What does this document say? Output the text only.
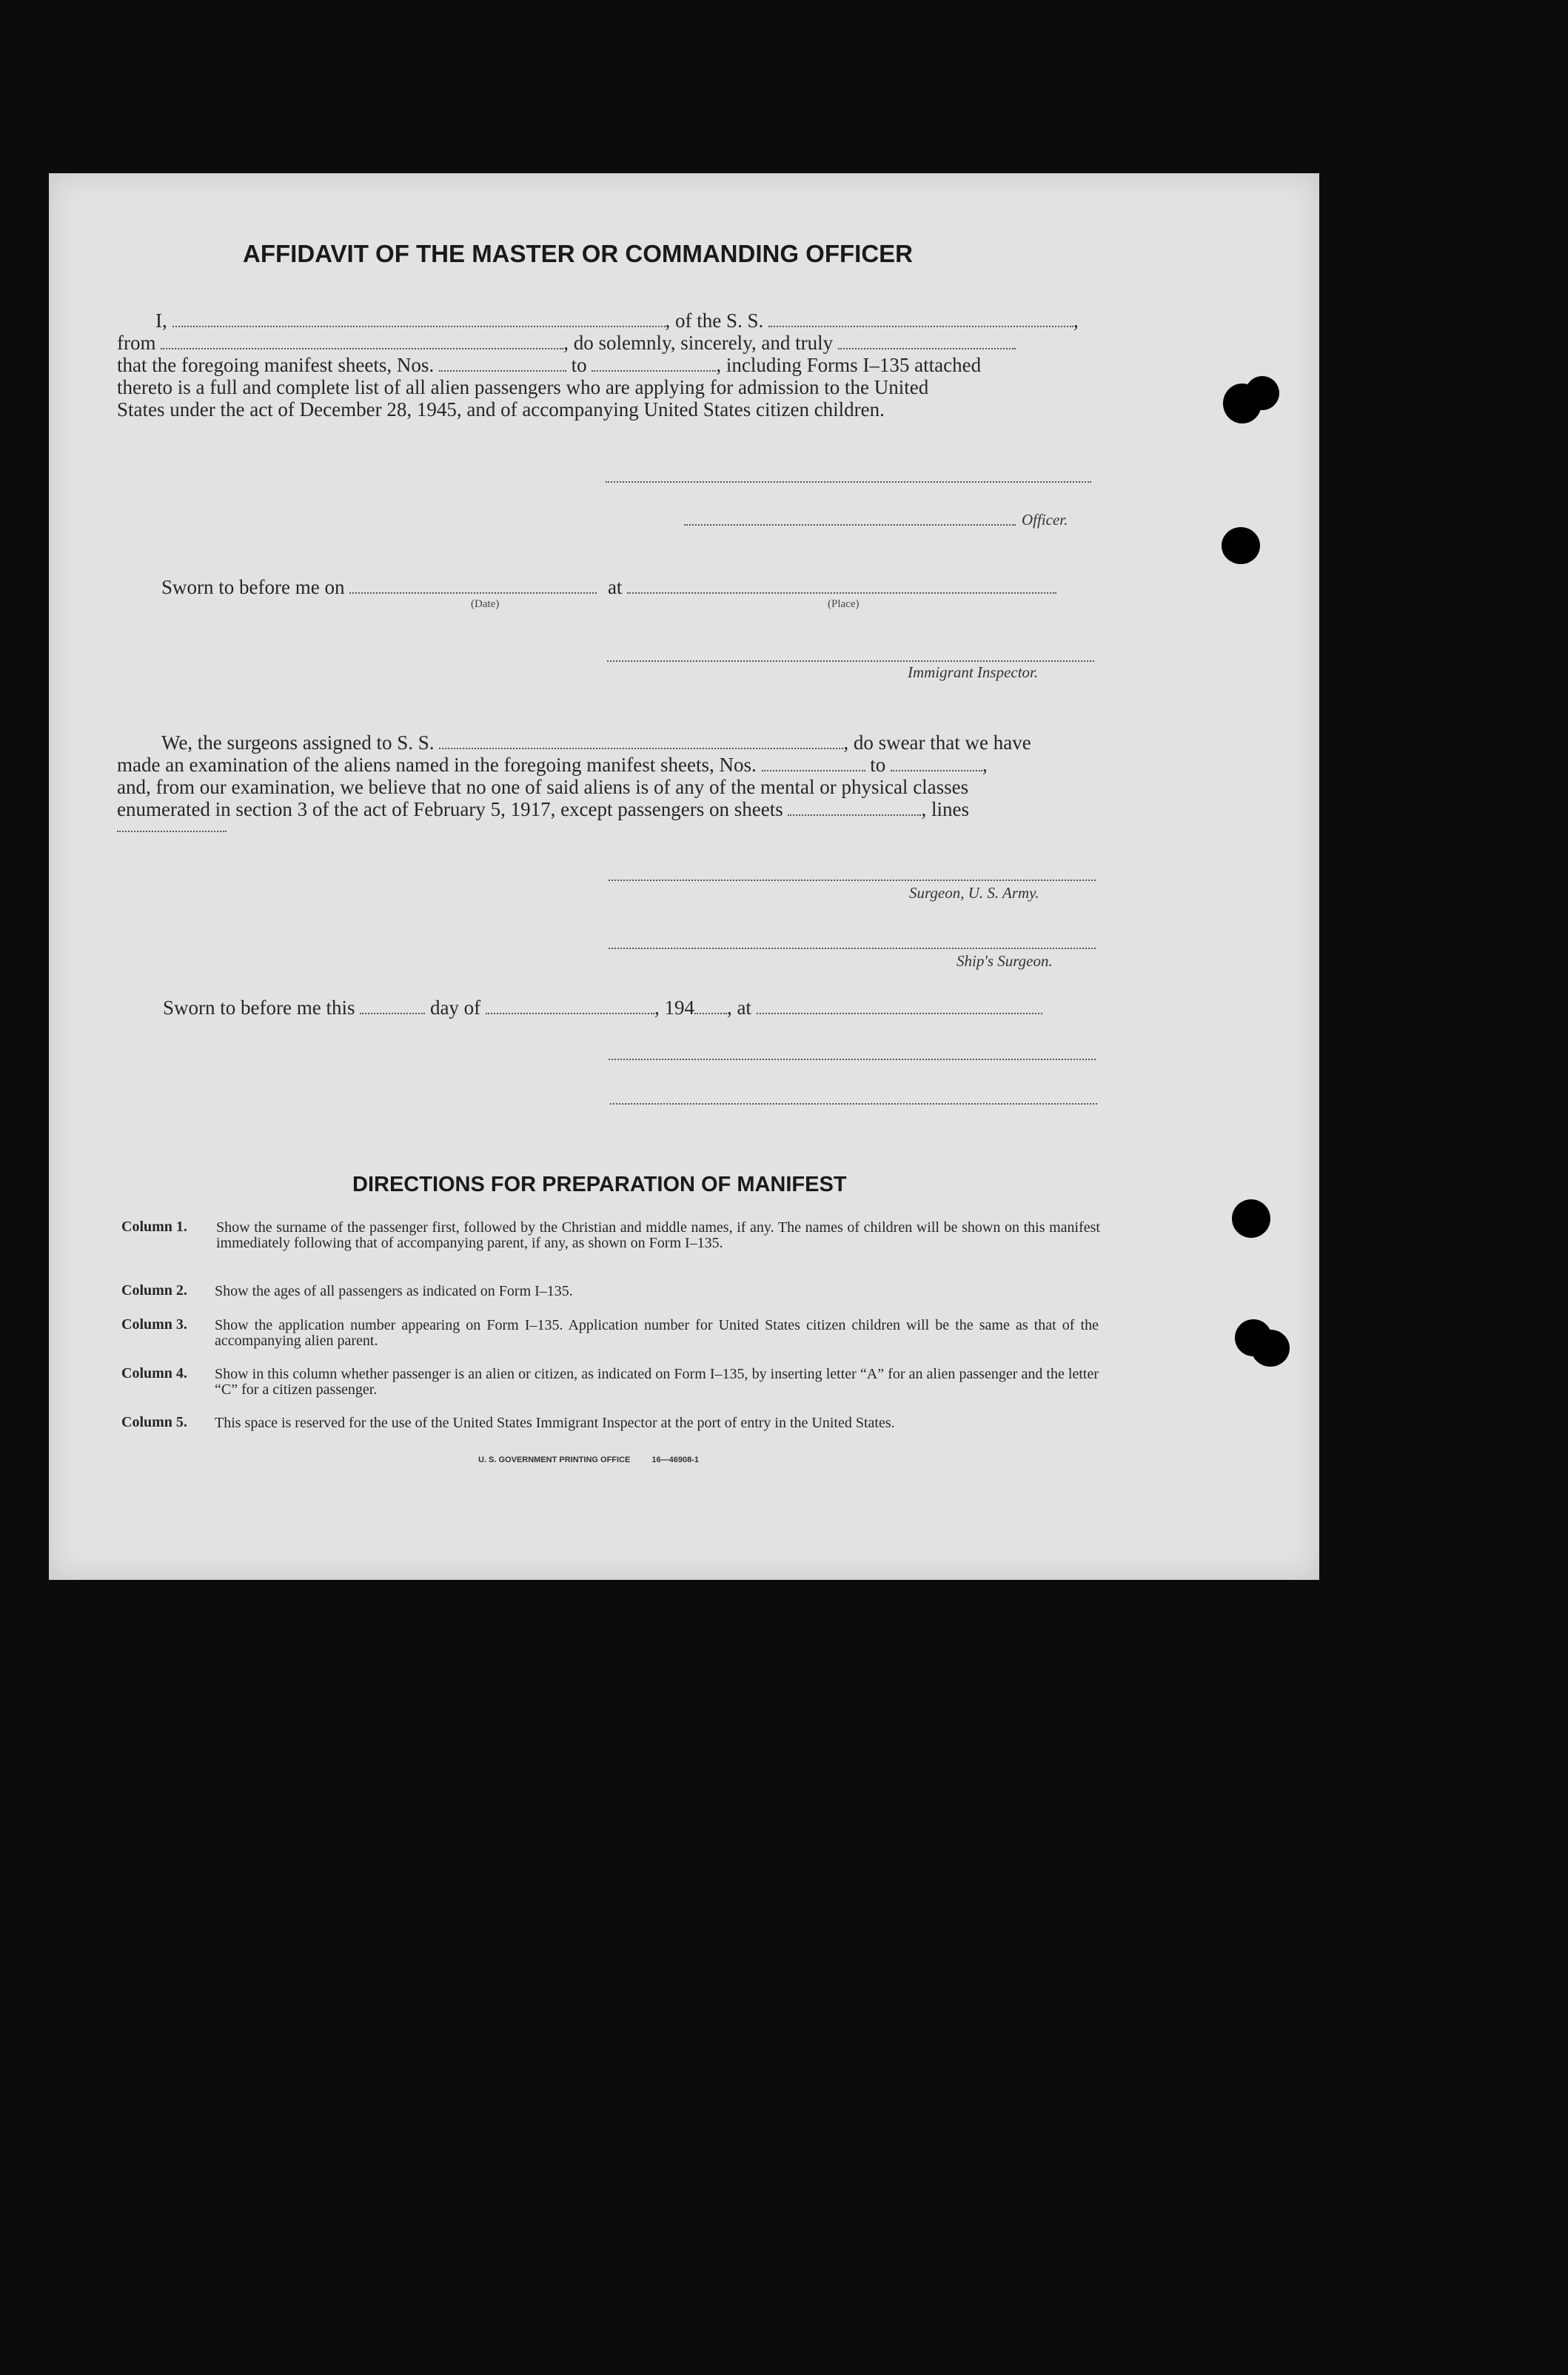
AFFIDAVIT OF THE MASTER OR COMMANDING OFFICER
I,	, of the S. S.	,
from	, do solemnly, sincerely, and truly
that the foregoing manifest sheets, Nos.	to	, including Forms I–135 attached
thereto is a full and complete list of all alien passengers who are applying for admission to the United
States under the act of December 28, 1945, and of accompanying United States citizen children.
Officer.
Sworn to before me on	at
(Date)	(Place)
Immigrant Inspector.
We, the surgeons assigned to S. S.	, do swear that we have
made an examination of the aliens named in the foregoing manifest sheets, Nos.	to	,
and, from our examination, we believe that no one of said aliens is of any of the mental or physical classes
enumerated in section 3 of the act of February 5, 1917, except passengers on sheets	, lines
Surgeon, U. S. Army.
Ship's Surgeon.
Sworn to before me this	day of	, 194 , at
DIRECTIONS FOR PREPARATION OF MANIFEST
Column 1. Show the surname of the passenger first, followed by the Christian and middle names, if any. The names of children will be shown on this manifest immediately following that of accompanying parent, if any, as shown on Form I–135.
Column 2. Show the ages of all passengers as indicated on Form I–135.
Column 3. Show the application number appearing on Form I–135. Application number for United States citizen children will be the same as that of the accompanying alien parent.
Column 4. Show in this column whether passenger is an alien or citizen, as indicated on Form I–135, by inserting letter “A” for an alien passenger and the letter “C” for a citizen passenger.
Column 5. This space is reserved for the use of the United States Immigrant Inspector at the port of entry in the United States.
U. S. GOVERNMENT PRINTING OFFICE	16—46908‑1
